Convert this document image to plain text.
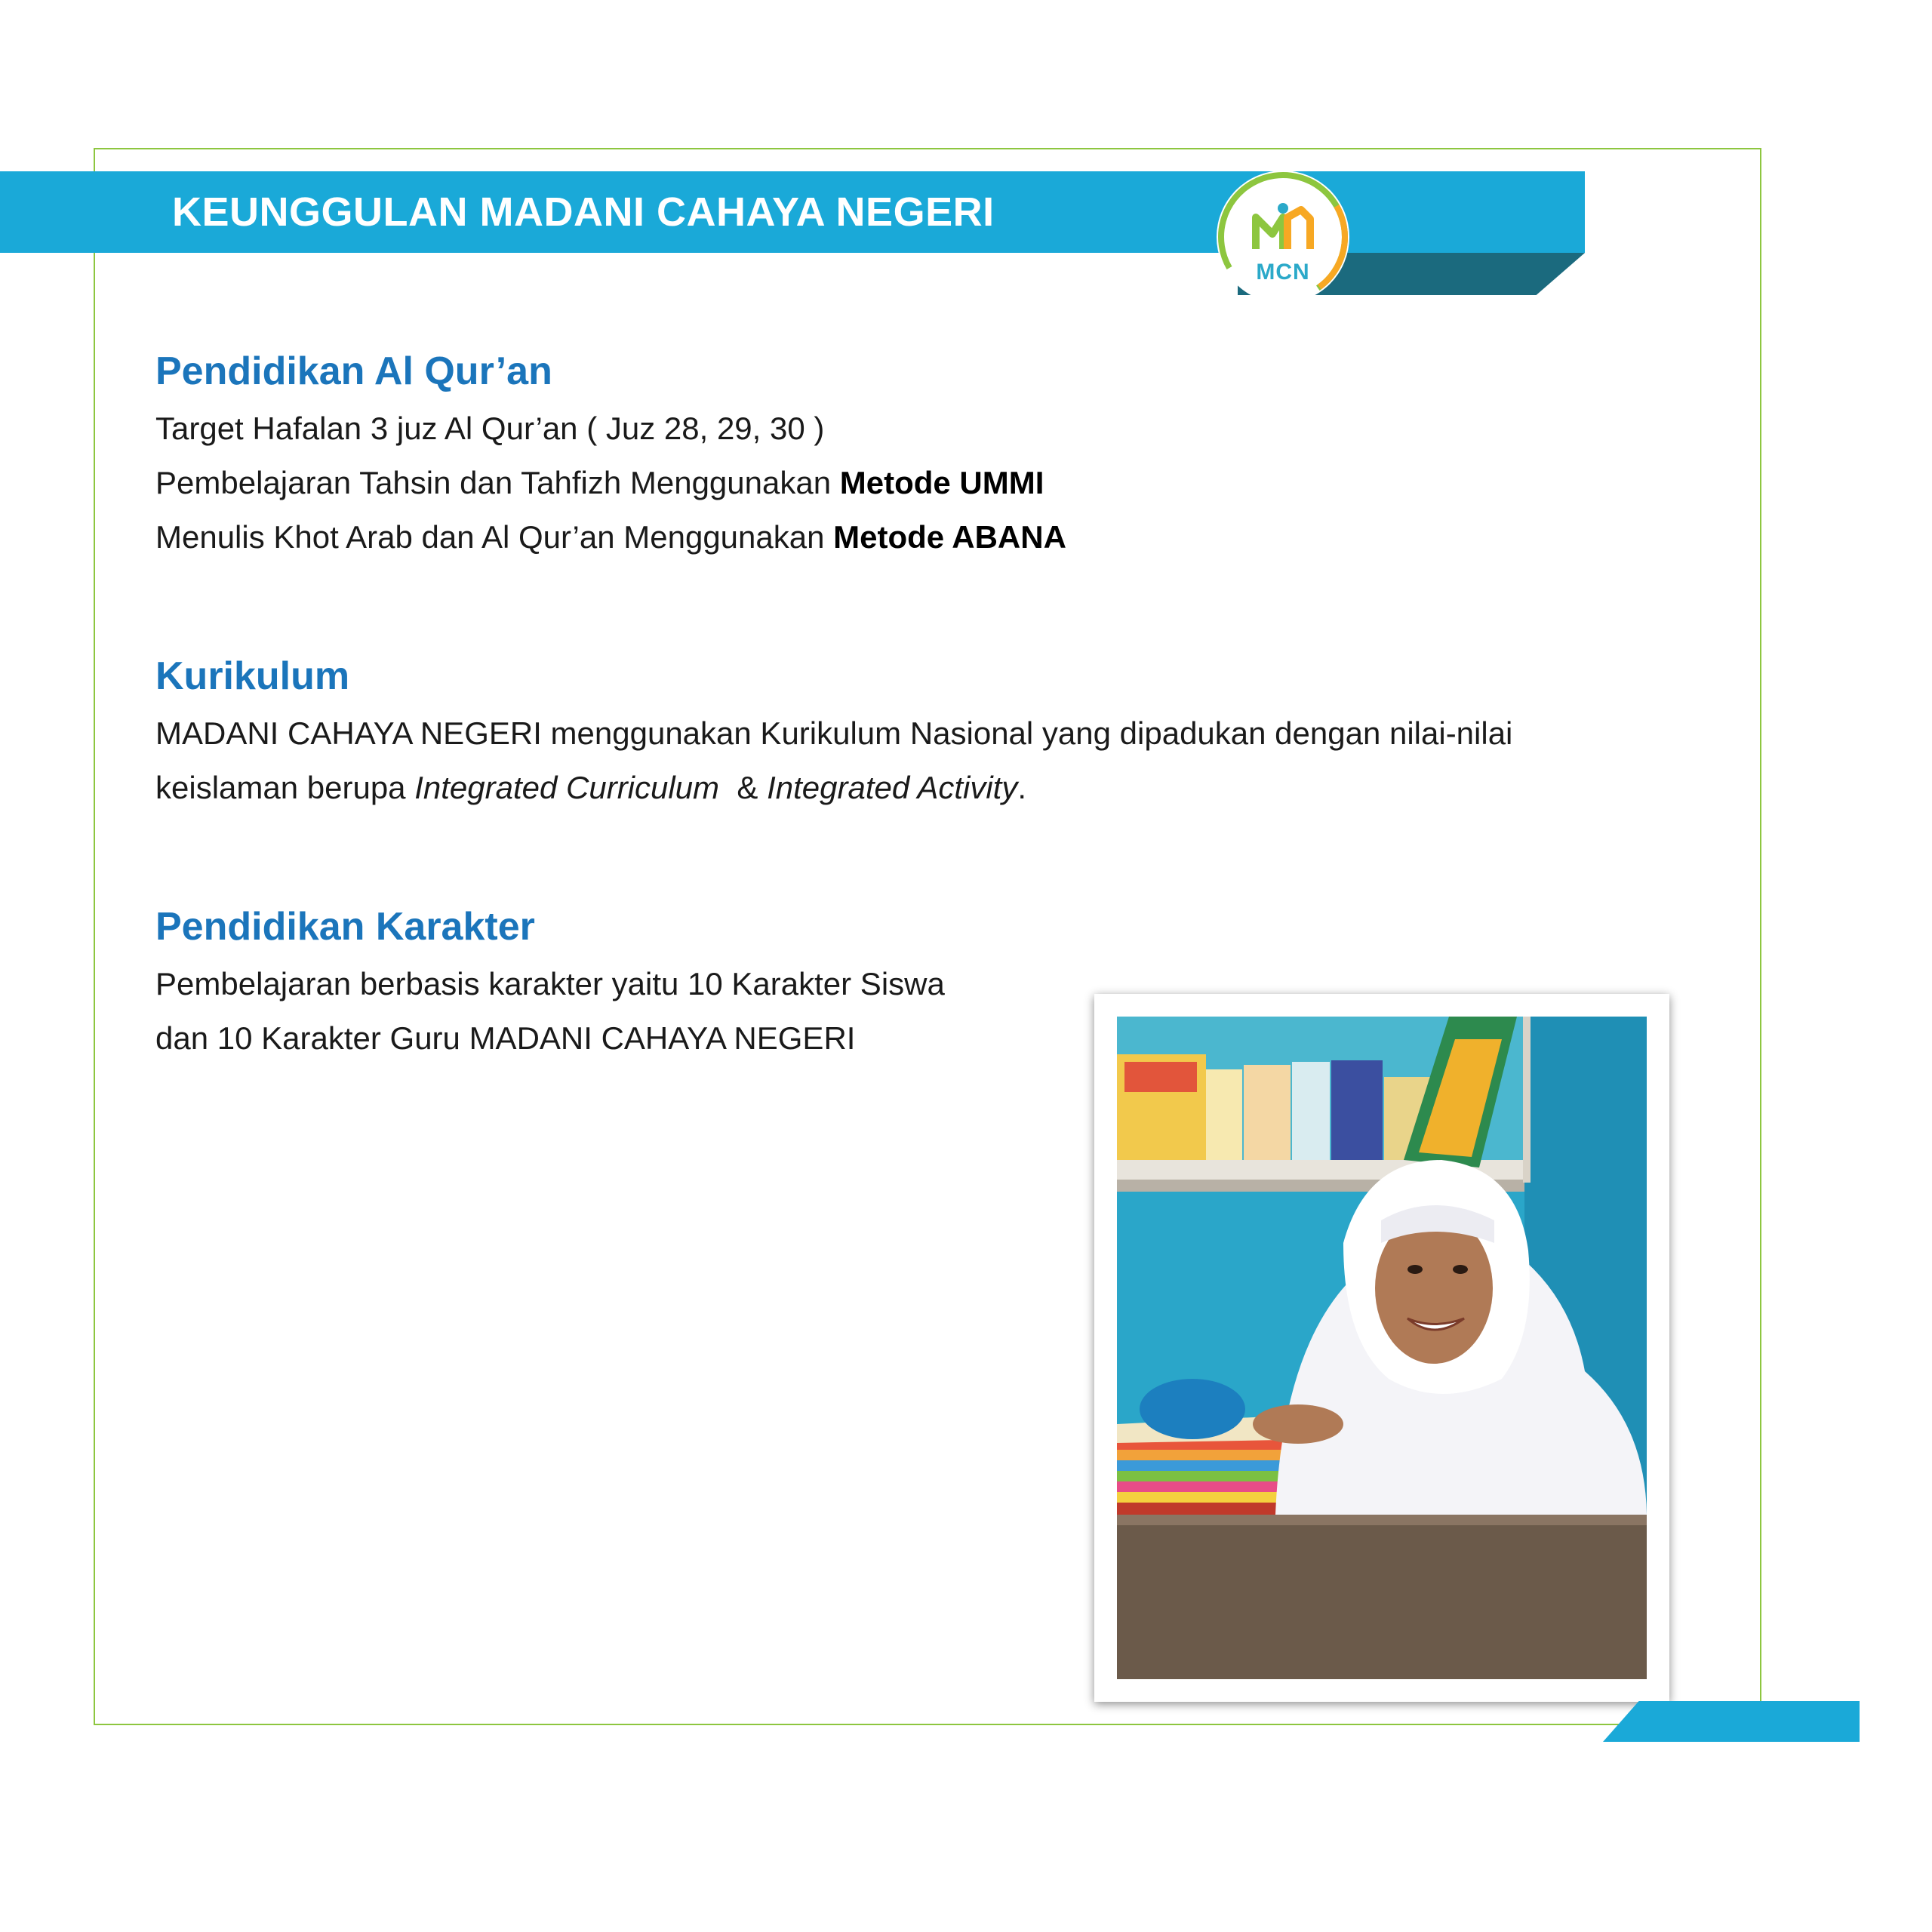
KEUNGGULAN MADANI CAHAYA NEGERI
MCN
Pendidikan Al Qur’an
Target Hafalan 3 juz Al Qur’an ( Juz 28, 29, 30 )
Pembelajaran Tahsin dan Tahfizh Menggunakan Metode UMMI
Menulis Khot Arab dan Al Qur’an Menggunakan Metode ABANA
Kurikulum
MADANI CAHAYA NEGERI menggunakan Kurikulum Nasional yang dipadukan dengan nilai-nilai
keislaman berupa Integrated Curriculum  & Integrated Activity.
Pendidikan Karakter
Pembelajaran berbasis karakter yaitu 10 Karakter Siswa
dan 10 Karakter Guru MADANI CAHAYA NEGERI
